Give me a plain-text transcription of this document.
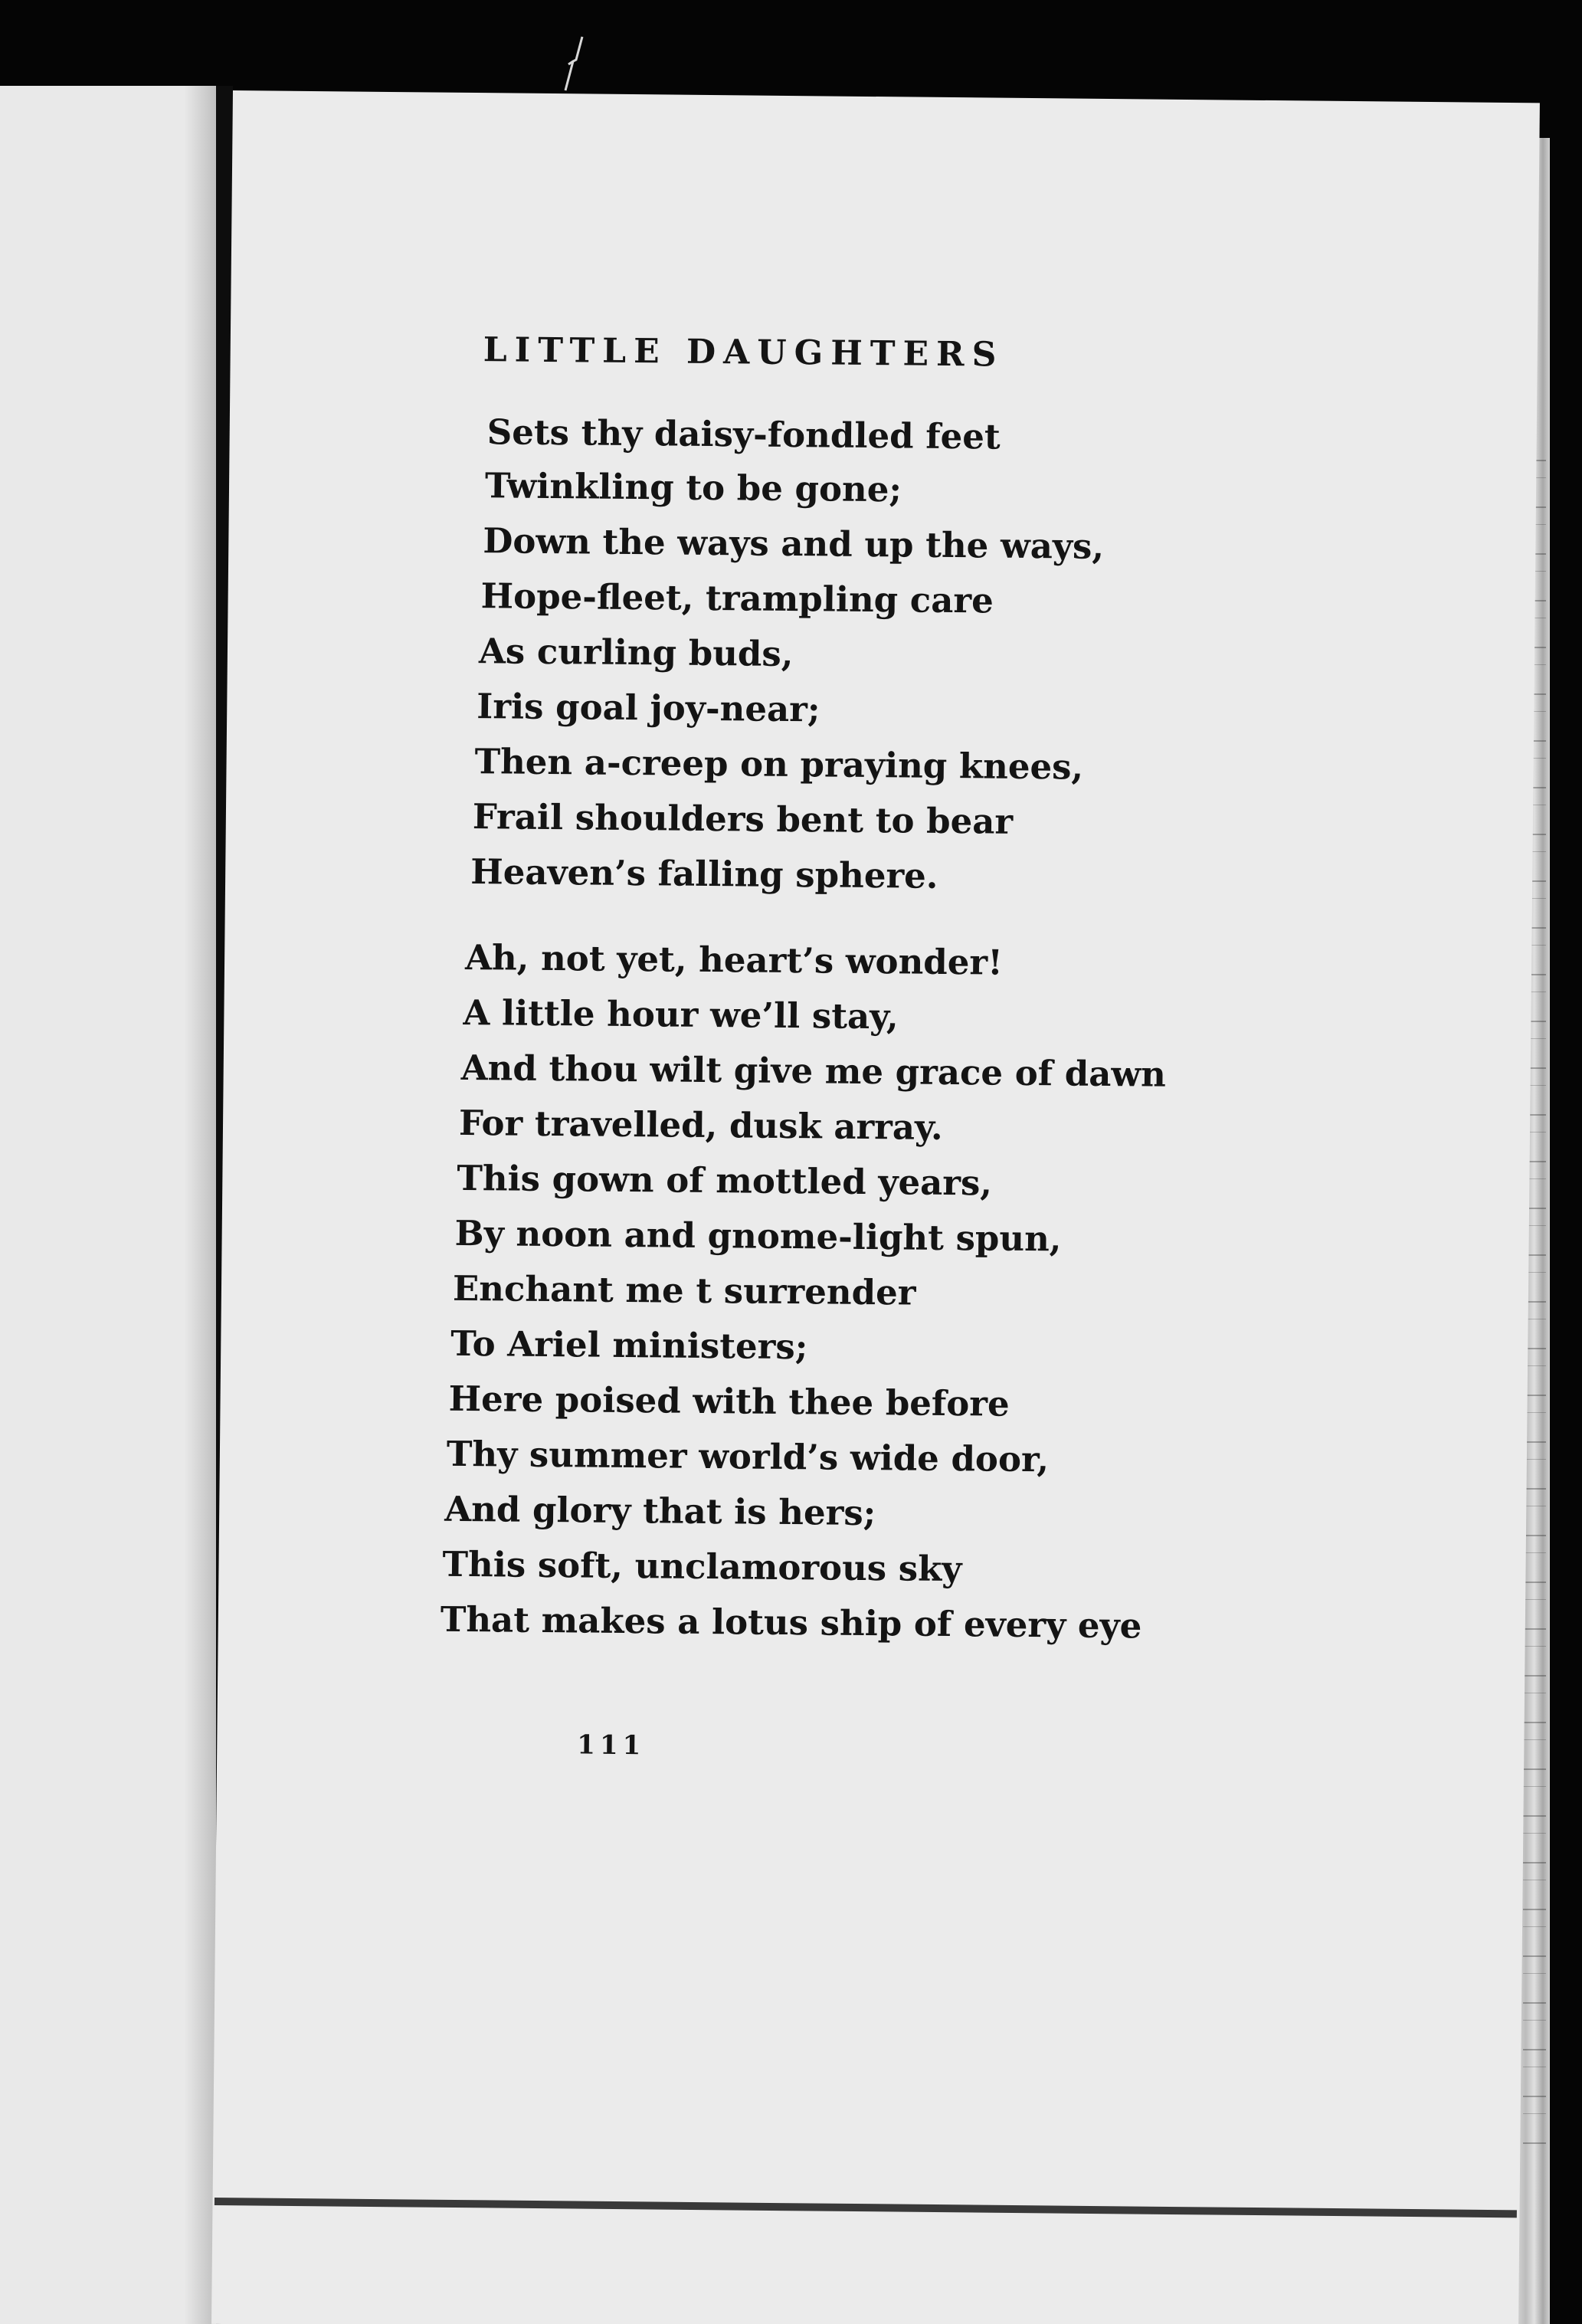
LITTLE DAUGHTERS
Sets thy daisy-fondled feet
Twinkling to be gone;
Down the ways and up the ways,
Hope-fleet, trampling care
As curling buds,
Iris goal joy-near;
Then a-creep on praying knees,
Frail shoulders bent to bear
Heaven’s falling sphere.
Ah, not yet, heart’s wonder!
A little hour we’ll stay,
And thou wilt give me grace of dawn
For travelled, dusk array.
This gown of mottled years,
By noon and gnome-light spun,
Enchant me t surrender
To Ariel ministers;
Here poised with thee before
Thy summer world’s wide door,
And glory that is hers;
This soft, unclamorous sky
That makes a lotus ship of every eye
111
